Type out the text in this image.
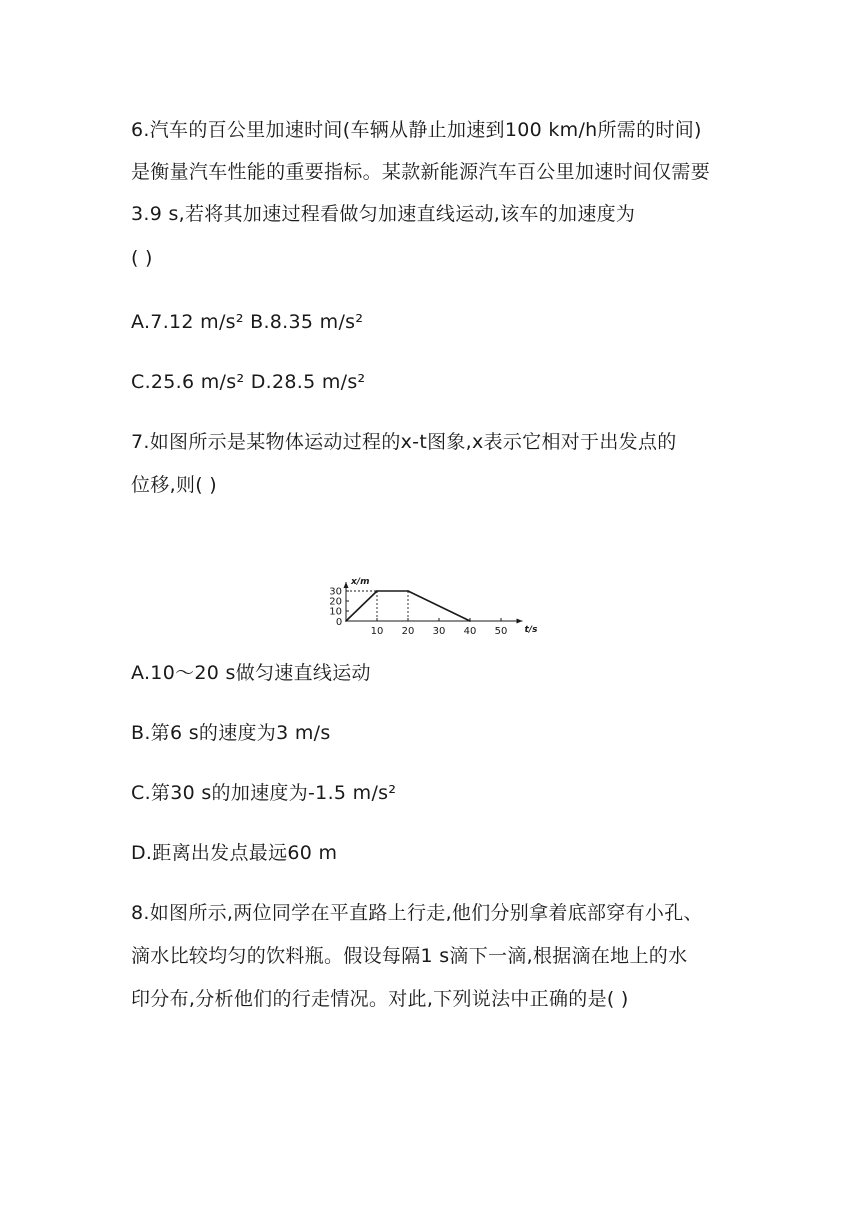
6.汽车的百公里加速时间(车辆从静止加速到100 km/h所需的时间)
是衡量汽车性能的重要指标。某款新能源汽车百公里加速时间仅需要
3.9 s,若将其加速过程看做匀加速直线运动,该车的加速度为
( )
A.7.12 m/s² B.8.35 m/s²
C.25.6 m/s² D.28.5 m/s²
7.如图所示是某物体运动过程的x-t图象,x表示它相对于出发点的
位移,则( )
x/m
t/s
0
30
20
10
10 20 30 40 50
A.10～20 s做匀速直线运动
B.第6 s的速度为3 m/s
C.第30 s的加速度为-1.5 m/s²
D.距离出发点最远60 m
8.如图所示,两位同学在平直路上行走,他们分别拿着底部穿有小孔、
滴水比较均匀的饮料瓶。假设每隔1 s滴下一滴,根据滴在地上的水
印分布,分析他们的行走情况。对此,下列说法中正确的是( )
